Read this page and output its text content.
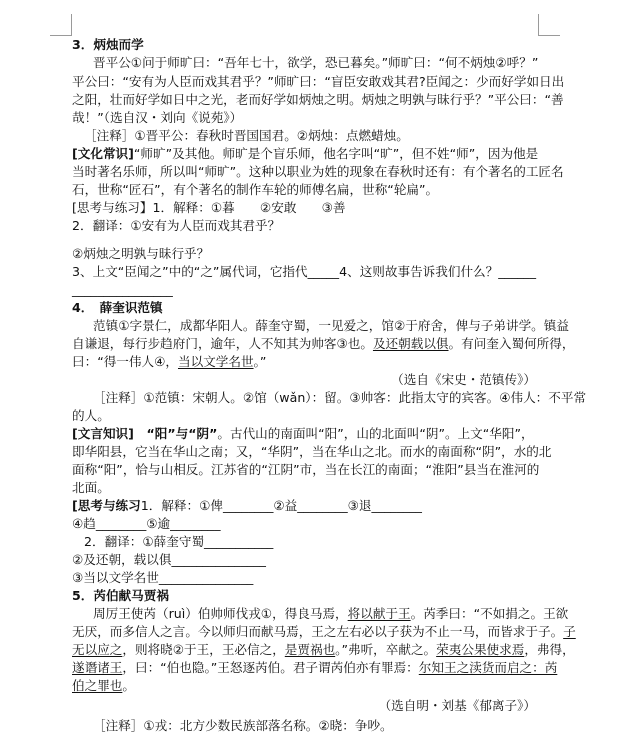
3．炳烛而学
晋平公①问于师旷曰：“吾年七十，欲学，恐已暮矣。”师旷曰：“何不炳烛②呼？”
平公曰：“安有为人臣而戏其君乎？”师旷曰：“盲臣安敢戏其君?臣闻之：少而好学如日出
之阳，壮而好学如日中之光，老而好学如炳烛之明。炳烛之明孰与昧行乎？”平公曰：“善
哉！”（选自汉・刘向《说苑》）
［注释］①晋平公：春秋时晋国国君。②炳烛：点燃蜡烛。
[文化常识]“师旷”及其他。师旷是个盲乐师，他名字叫“旷”，但不姓“师”，因为他是
当时著名乐师，所以叫“师旷”。这种以职业为姓的现象在春秋时还有：有个著名的工匠名
石，世称“匠石”，有个著名的制作车轮的师傅名扁，世称“轮扁”。
[思考与练习】1．解释：①暮　　②安敢　　③善
2．翻译：①安有为人臣而戏其君乎？
②炳烛之明孰与昧行乎？
3、上文“臣闻之”中的“之”属代词，它指代_____4、这则故事告诉我们什么？______
________________
4．　薛奎识范镇
范镇①字景仁，成都华阳人。薛奎守蜀，一见爱之，馆②于府舍，俾与子弟讲学。镇益
自谦退，每行步趋府门，逾年，人不知其为帅客③也。及还朝载以俱。有问奎入蜀何所得，
曰：“得一伟人④，当以文学名世。”
（选自《宋史・范镇传》）
［注释］①范镇：宋朝人。②馆（wǎn）：留。③帅客：此指太守的宾客。④伟人：不平常
的人。
[文言知识]　“阳”与“阴”。古代山的南面叫“阳”，山的北面叫“阴”。上文“华阳”，
即华阳县，它当在华山之南；又，“华阴”，当在华山之北。而水的南面称“阴”，水的北
面称“阳”，恰与山相反。江苏省的“江阴”市，当在长江的南面；“淮阳”县当在淮河的
北面。
[思考与练习1．解释：①俾________②益________③退________
④趋________⑤逾________
2．翻译：①薛奎守蜀___________
②及还朝，载以俱_______________
③当以文学名世_______________
5．芮伯献马贾祸
周厉王使芮（ruì）伯帅师伐戎①，得良马焉，将以献于王。芮季曰：“不如捐之。王欲
无厌，而多信人之言。今以师归而献马焉，王之左右必以子获为不止一马，而皆求于子。子
无以应之，则将晓②于王，王必信之，是贾祸也。”弗听，卒献之。荣夷公果使求焉，弗得，
遂谮诸王，曰：“伯也隐。”王怒逐芮伯。君子谓芮伯亦有罪焉：尔知王之渎货而启之：芮
伯之罪也。
（选自明・刘基《郁离子》）
［注释］①戎：北方少数民族部落名称。②晓：争吵。
